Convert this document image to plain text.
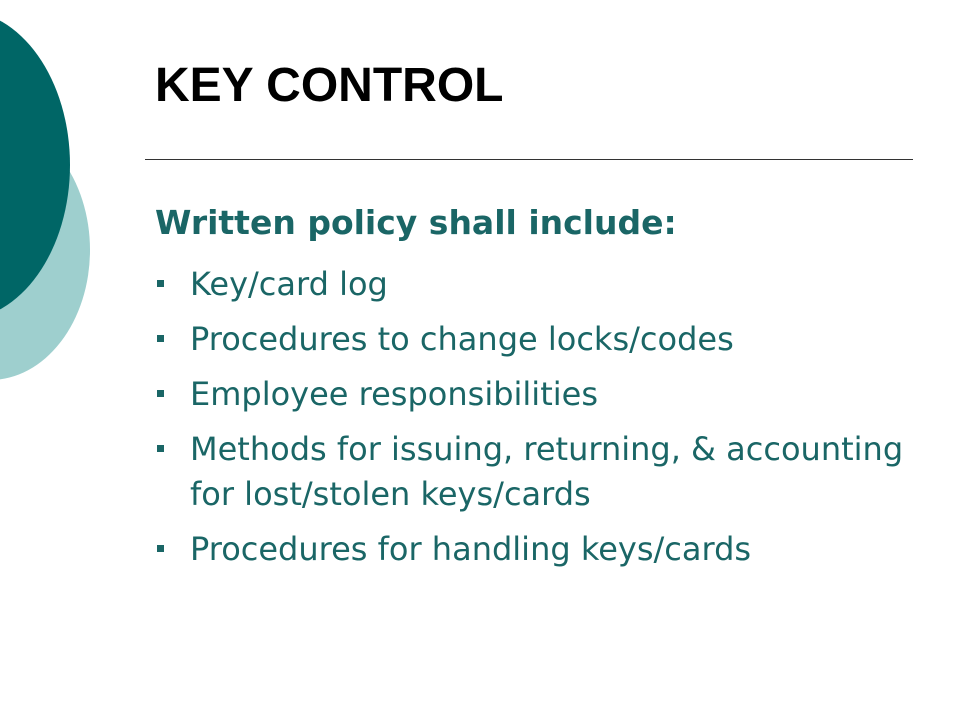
KEY CONTROL
Written policy shall include:
Key/card log
Procedures to change locks/codes
Employee responsibilities
Methods for issuing, returning, & accounting for lost/stolen keys/cards
Procedures for handling keys/cards
